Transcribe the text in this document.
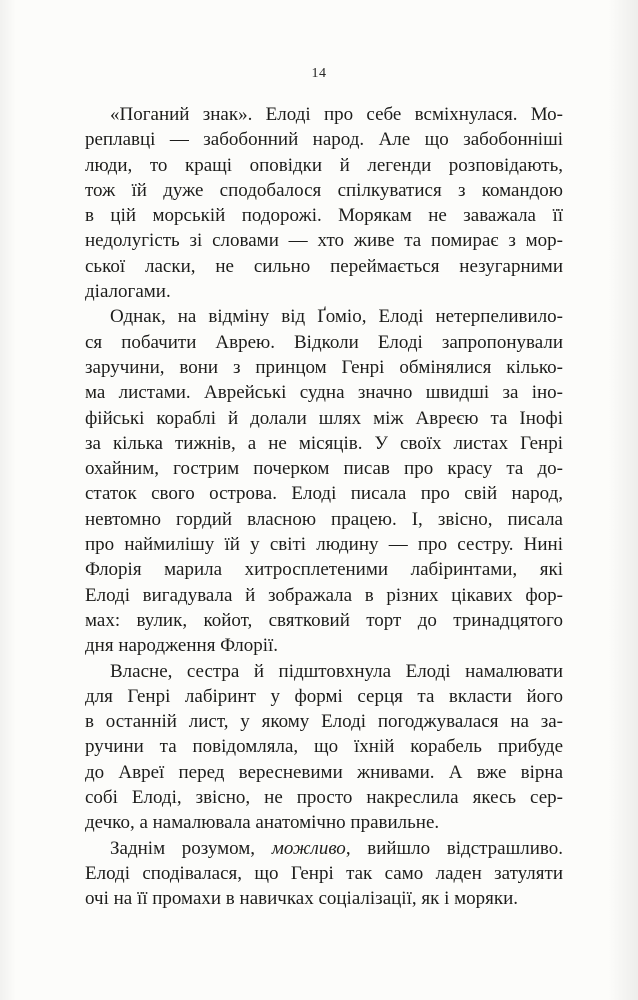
14
«Поганий знак». Елоді про себе всміхнулася. Мо-
реплавці — забобонний народ. Але що забобонніші
люди, то кращі оповідки й легенди розповідають,
тож їй дуже сподобалося спілкуватися з командою
в цій морській подорожі. Морякам не заважала її
недолугість зі словами — хто живе та помирає з мор-
ської ласки, не сильно переймається незугарними
діалогами.
Однак, на відміну від Ґоміо, Елоді нетерпеливило-
ся побачити Аврею. Відколи Елоді запропонували
заручини, вони з принцом Генрі обмінялися кілько-
ма листами. Аврейські судна значно швидші за іно-
фійські кораблі й долали шлях між Авреєю та Інофі
за кілька тижнів, а не місяців. У своїх листах Генрі
охайним, гострим почерком писав про красу та до-
статок свого острова. Елоді писала про свій народ,
невтомно гордий власною працею. І, звісно, писала
про наймилішу їй у світі людину — про сестру. Нині
Флорія марила хитросплетеними лабіринтами, які
Елоді вигадувала й зображала в різних цікавих фор-
мах: вулик, койот, святковий торт до тринадцятого
дня народження Флорії.
Власне, сестра й підштовхнула Елоді намалювати
для Генрі лабіринт у формі серця та вкласти його
в останній лист, у якому Елоді погоджувалася на за-
ручини та повідомляла, що їхній корабель прибуде
до Авреї перед вересневими жнивами. А вже вірна
собі Елоді, звісно, не просто накреслила якесь сер-
дечко, а намалювала анатомічно правильне.
Заднім розумом, можливо, вийшло відстрашливо.
Елоді сподівалася, що Генрі так само ладен затуляти
очі на її промахи в навичках соціалізації, як і моряки.
